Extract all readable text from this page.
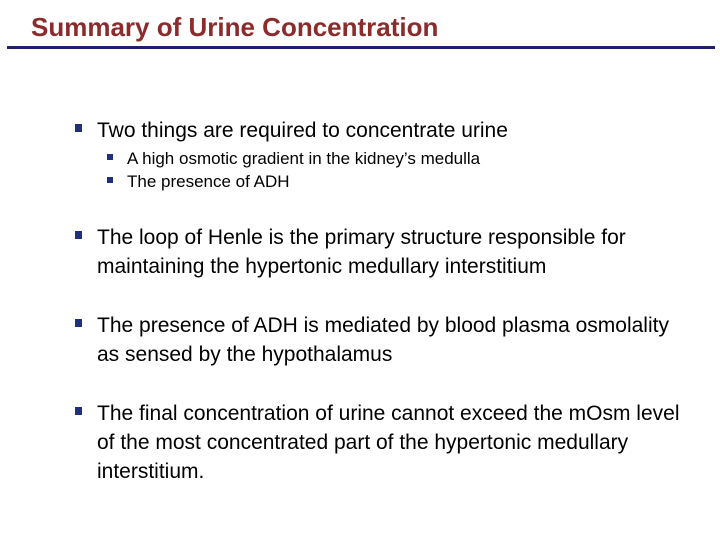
Summary of Urine Concentration
Two things are required to concentrate urine
A high osmotic gradient in the kidney’s medulla
The presence of ADH
The loop of Henle is the primary structure responsible for maintaining the hypertonic medullary interstitium
The presence of ADH is mediated by blood plasma osmolality as sensed by the hypothalamus
The final concentration of urine cannot exceed the mOsm level of the most concentrated part of the hypertonic medullary interstitium.
